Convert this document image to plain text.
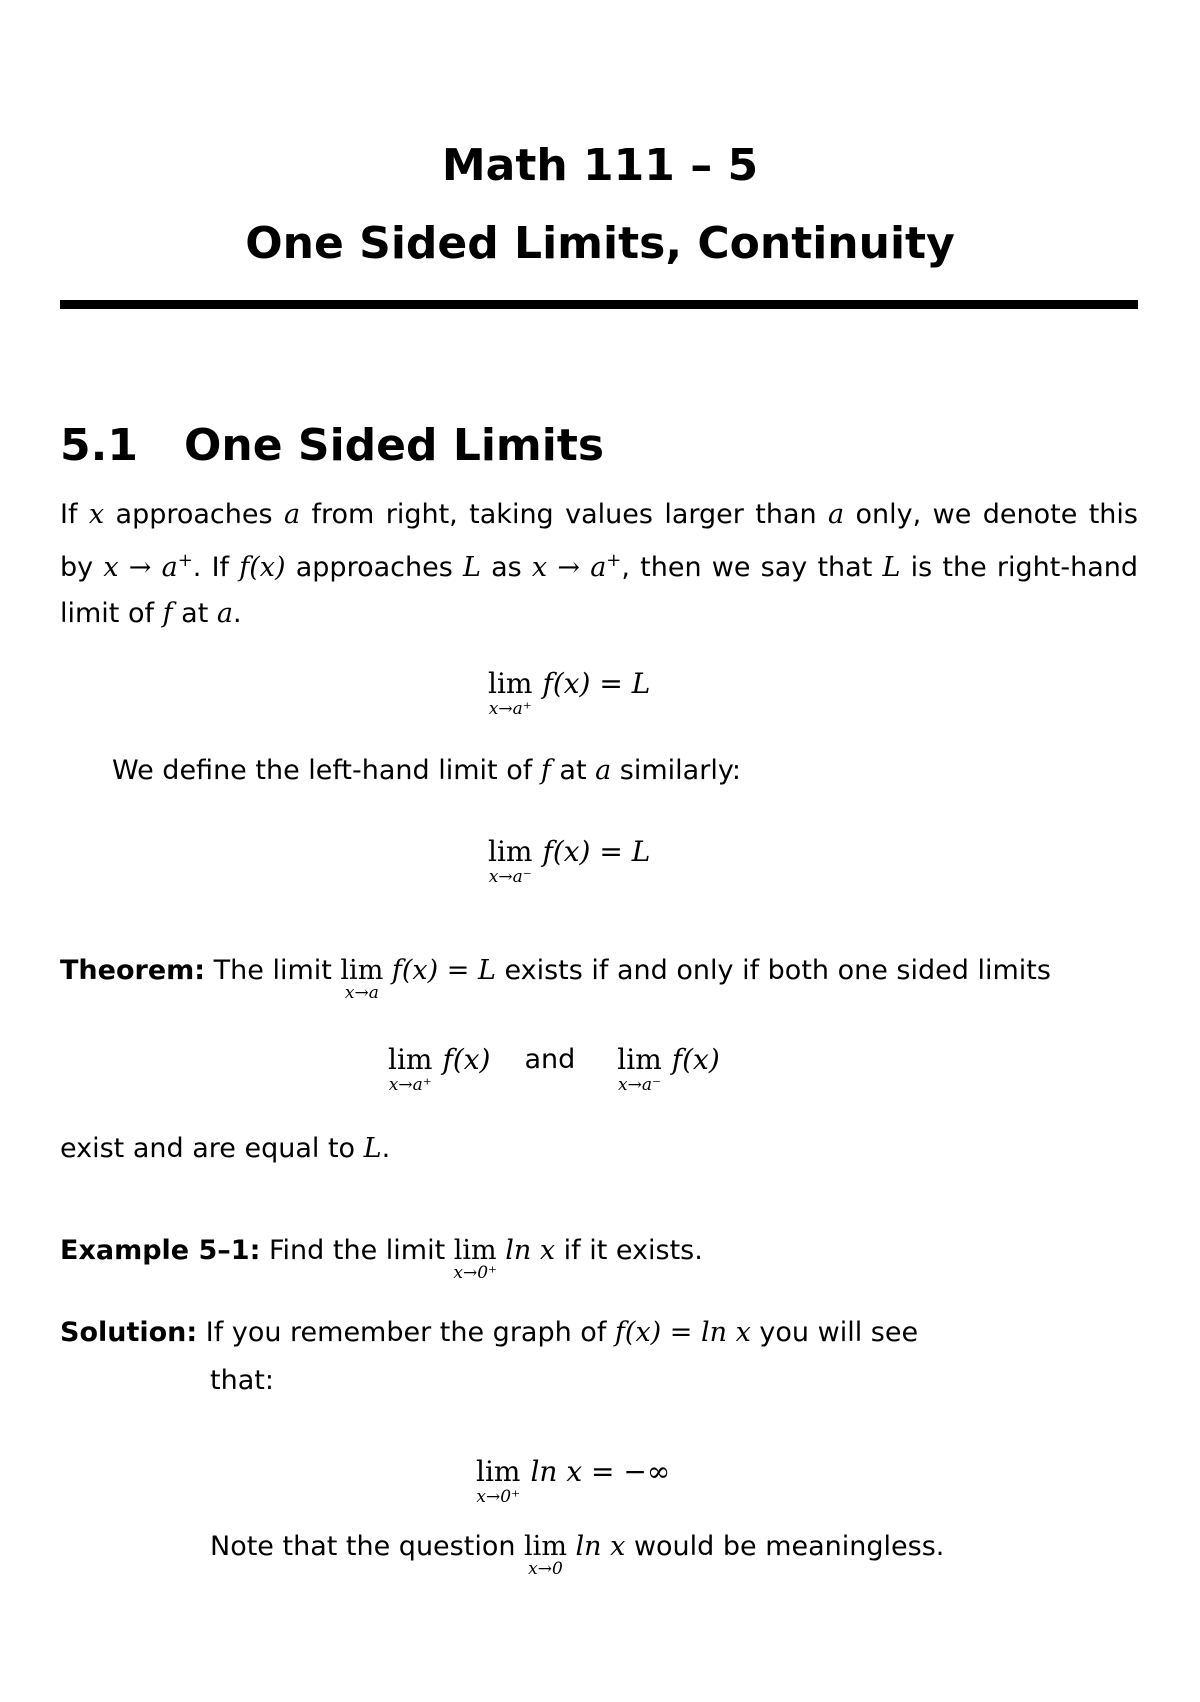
Math 111 – 5
One Sided Limits, Continuity
5.1 One Sided Limits
If x approaches a from right, taking values larger than a only, we denote this by x → a+. If f(x) approaches L as x → a+, then we say that L is the right-hand limit of f at a.
lim
x→a⁺
f(x) = L
We define the left-hand limit of f at a similarly:
lim
x→a⁻
f(x) = L
Theorem: The limit lim
x→a
f(x) = L exists if and only if both one sided limits
lim
x→a⁺
f(x) and lim
x→a⁻
f(x)
exist and are equal to L.
Example 5–1: Find the limit lim
x→0⁺
ln x if it exists.
Solution: If you remember the graph of f(x) = ln x you will see
that:
lim
x→0⁺
ln x = −∞
Note that the question lim
x→0
ln x would be meaningless.
